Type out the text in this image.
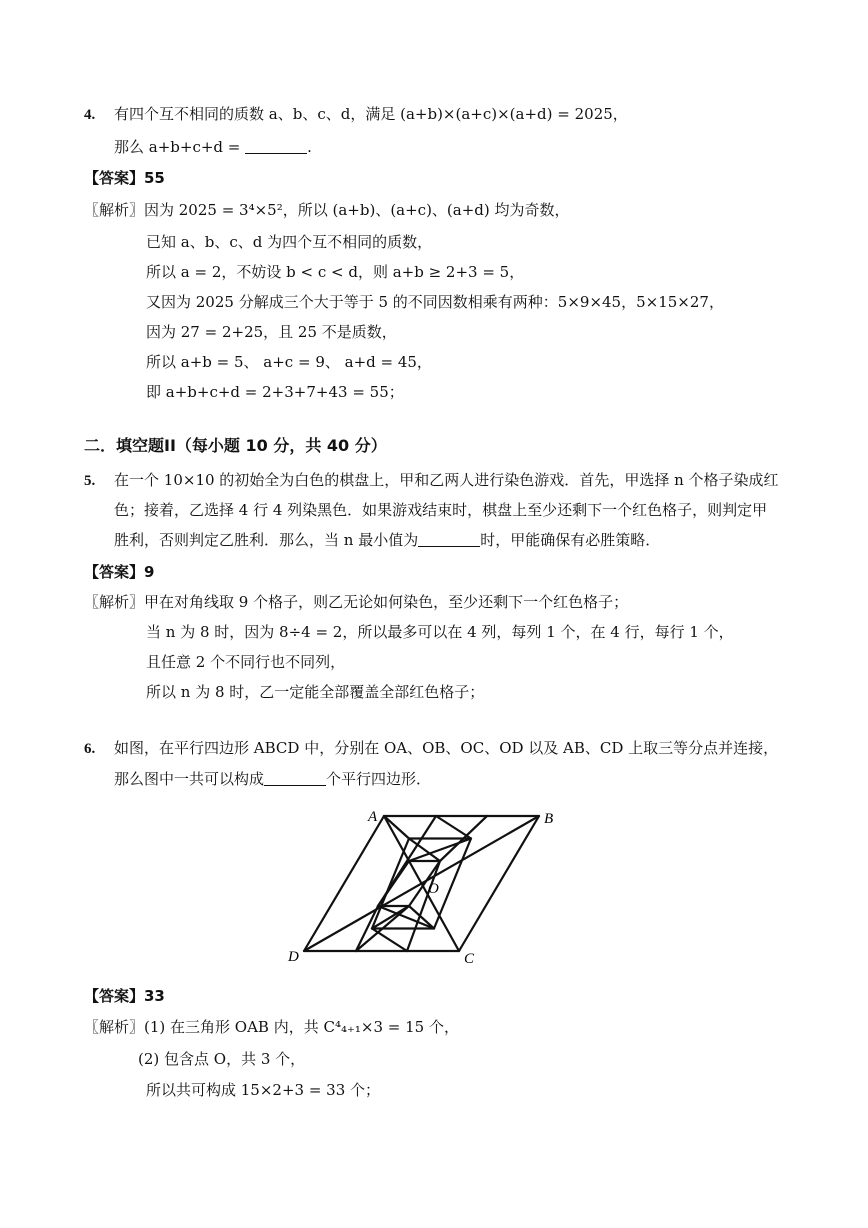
4. 有四个互不相同的质数 a、b、c、d，满足 (a+b)×(a+c)×(a+d) = 2025，
那么 a+b+c+d =	.
【答案】55
〖解析〗因为 2025 = 3⁴×5²，所以 (a+b)、(a+c)、(a+d) 均为奇数，
已知 a、b、c、d 为四个互不相同的质数，
所以 a = 2，不妨设 b < c < d，则 a+b ≥ 2+3 = 5，
又因为 2025 分解成三个大于等于 5 的不同因数相乘有两种：5×9×45，5×15×27，
因为 27 = 2+25，且 25 不是质数，
所以 a+b = 5、 a+c = 9、 a+d = 45，
即 a+b+c+d = 2+3+7+43 = 55；
二．填空题II（每小题 10 分，共 40 分）
5. 在一个 10×10 的初始全为白色的棋盘上，甲和乙两人进行染色游戏．首先，甲选择 n 个格子染成红
色；接着，乙选择 4 行 4 列染黑色．如果游戏结束时，棋盘上至少还剩下一个红色格子，则判定甲
胜利，否则判定乙胜利．那么，当 n 最小值为	时，甲能确保有必胜策略．
【答案】9
〖解析〗甲在对角线取 9 个格子，则乙无论如何染色，至少还剩下一个红色格子；
当 n 为 8 时，因为 8÷4 = 2，所以最多可以在 4 列，每列 1 个，在 4 行，每行 1 个，
且任意 2 个不同行也不同列，
所以 n 为 8 时，乙一定能全部覆盖全部红色格子；
6. 如图，在平行四边形 ABCD 中，分别在 OA、OB、OC、OD 以及 AB、CD 上取三等分点并连接，
那么图中一共可以构成	个平行四边形．
A	B
C
D
O
【答案】33
〖解析〗(1) 在三角形 OAB 内，共 C⁴₄₊₁×3 = 15 个，
(2) 包含点 O，共 3 个，
所以共可构成 15×2+3 = 33 个；
